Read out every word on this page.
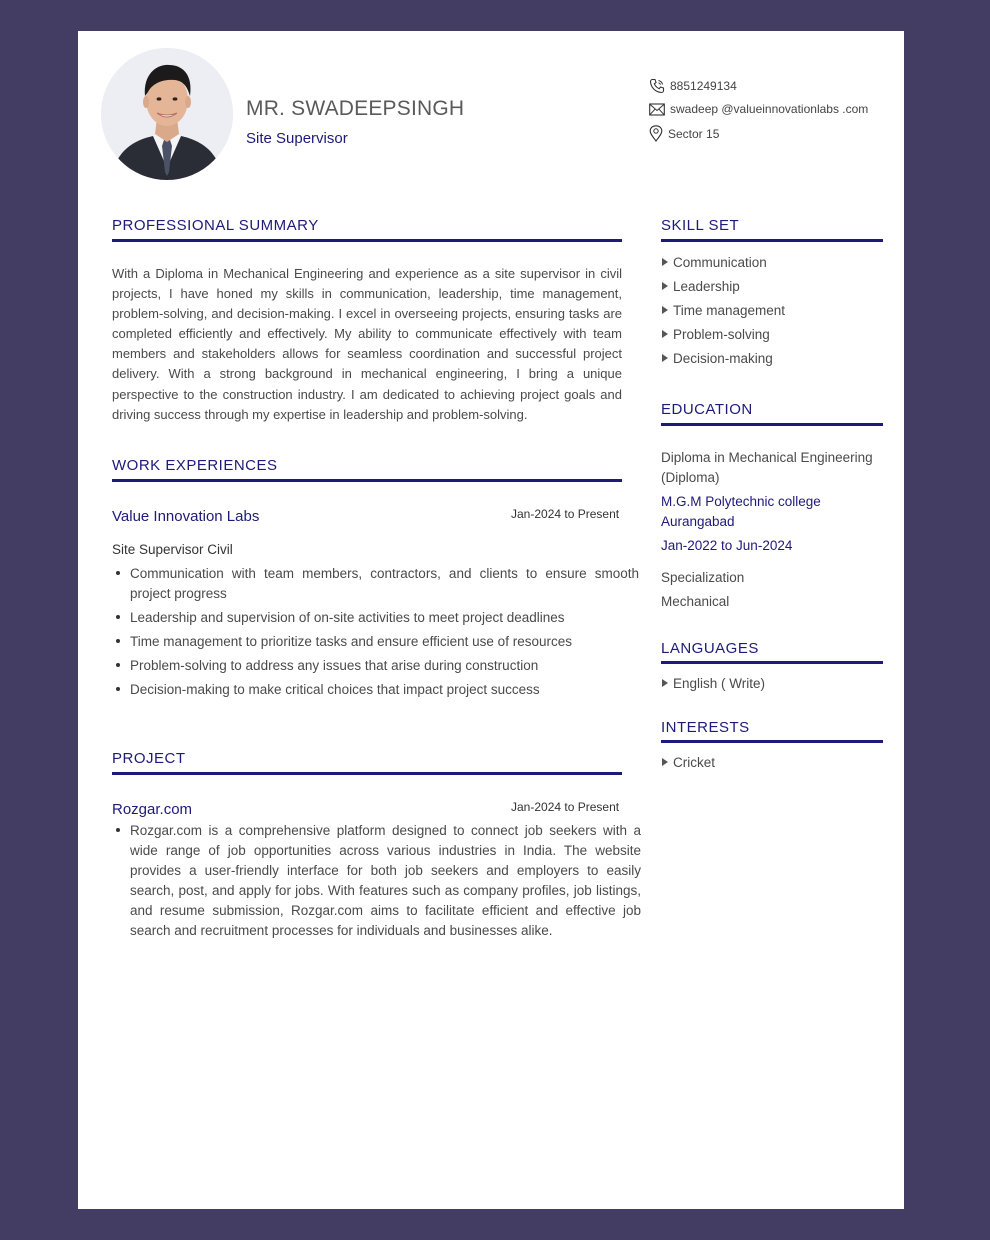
MR. SWADEEPSINGH
Site Supervisor
8851249134
swadeep @valueinnovationlabs .com
Sector 15
PROFESSIONAL SUMMARY

With a Diploma in Mechanical Engineering and experience as a site supervisor in civil projects, I have honed my skills in communication, leadership, time management, problem-solving, and decision-making. I excel in overseeing projects, ensuring tasks are completed efficiently and effectively. My ability to communicate effectively with team members and stakeholders allows for seamless coordination and successful project delivery. With a strong background in mechanical engineering, I bring a unique perspective to the construction industry. I am dedicated to achieving project goals and driving success through my expertise in leadership and problem-solving.

WORK EXPERIENCES
Value Innovation Labs	Jan-2024 to Present
Site Supervisor Civil
Communication with team members, contractors, and clients to ensure smooth project progress
Leadership and supervision of on-site activities to meet project deadlines
Time management to prioritize tasks and ensure efficient use of resources
Problem-solving to address any issues that arise during construction
Decision-making to make critical choices that impact project success
PROJECT
Rozgar.com	Jan-2024 to Present
Rozgar.com is a comprehensive platform designed to connect job seekers with a wide range of job opportunities across various industries in India. The website provides a user-friendly interface for both job seekers and employers to easily search, post, and apply for jobs. With features such as company profiles, job listings, and resume submission, Rozgar.com aims to facilitate efficient and effective job search and recruitment processes for individuals and businesses alike.
SKILL SET
Communication
Leadership
Time management
Problem-solving
Decision-making
EDUCATION
Diploma in Mechanical Engineering
(Diploma)
M.G.M Polytechnic college
Aurangabad
Jan-2022 to Jun-2024
Specialization
Mechanical
LANGUAGES
English ( Write)
INTERESTS
Cricket
